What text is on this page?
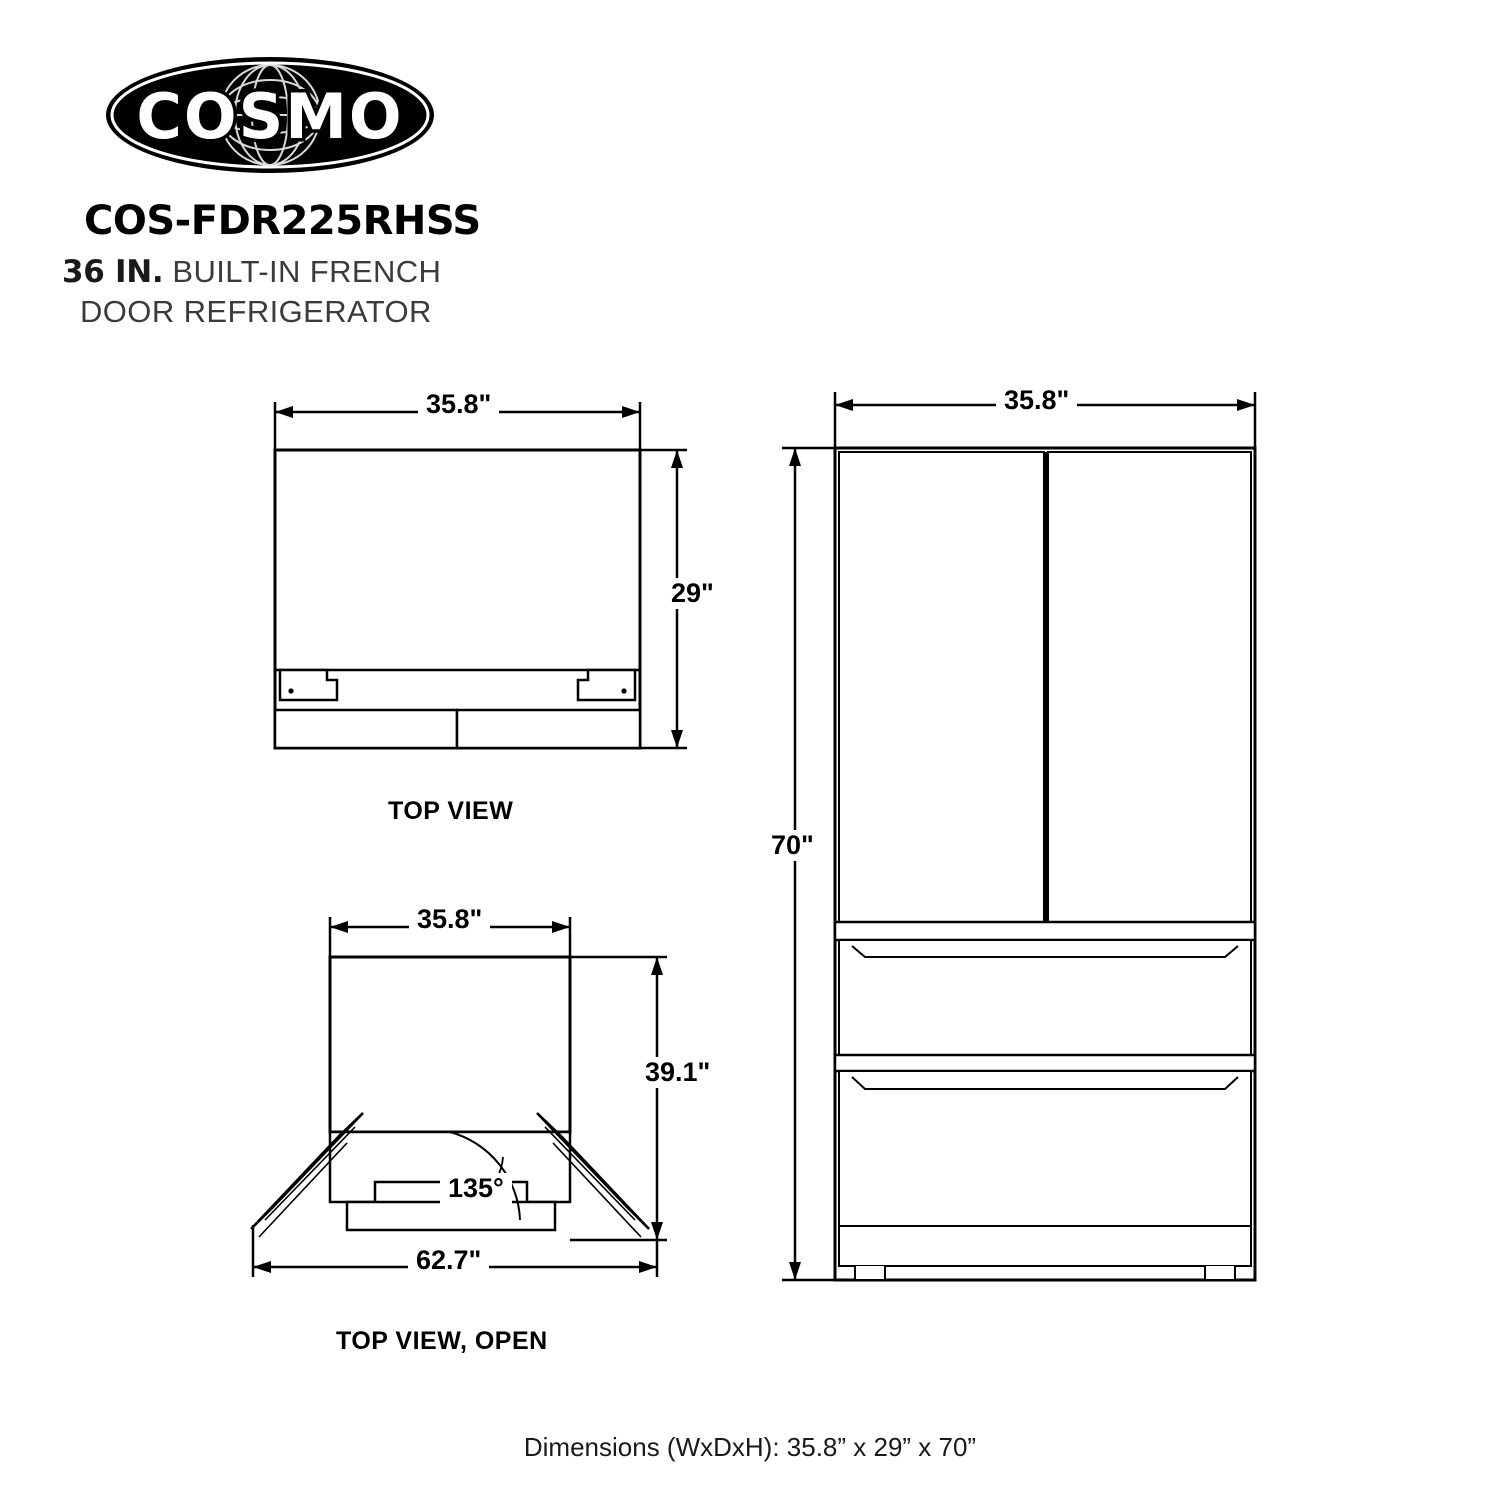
COSMO
COS-FDR225RHSS
36 IN. BUILT-IN FRENCH
DOOR REFRIGERATOR
35.8"
29"
TOP VIEW
35.8"
39.1"
135°
62.7"
TOP VIEW, OPEN
35.8"
70"
Dimensions (WxDxH): 35.8” x 29” x 70”
